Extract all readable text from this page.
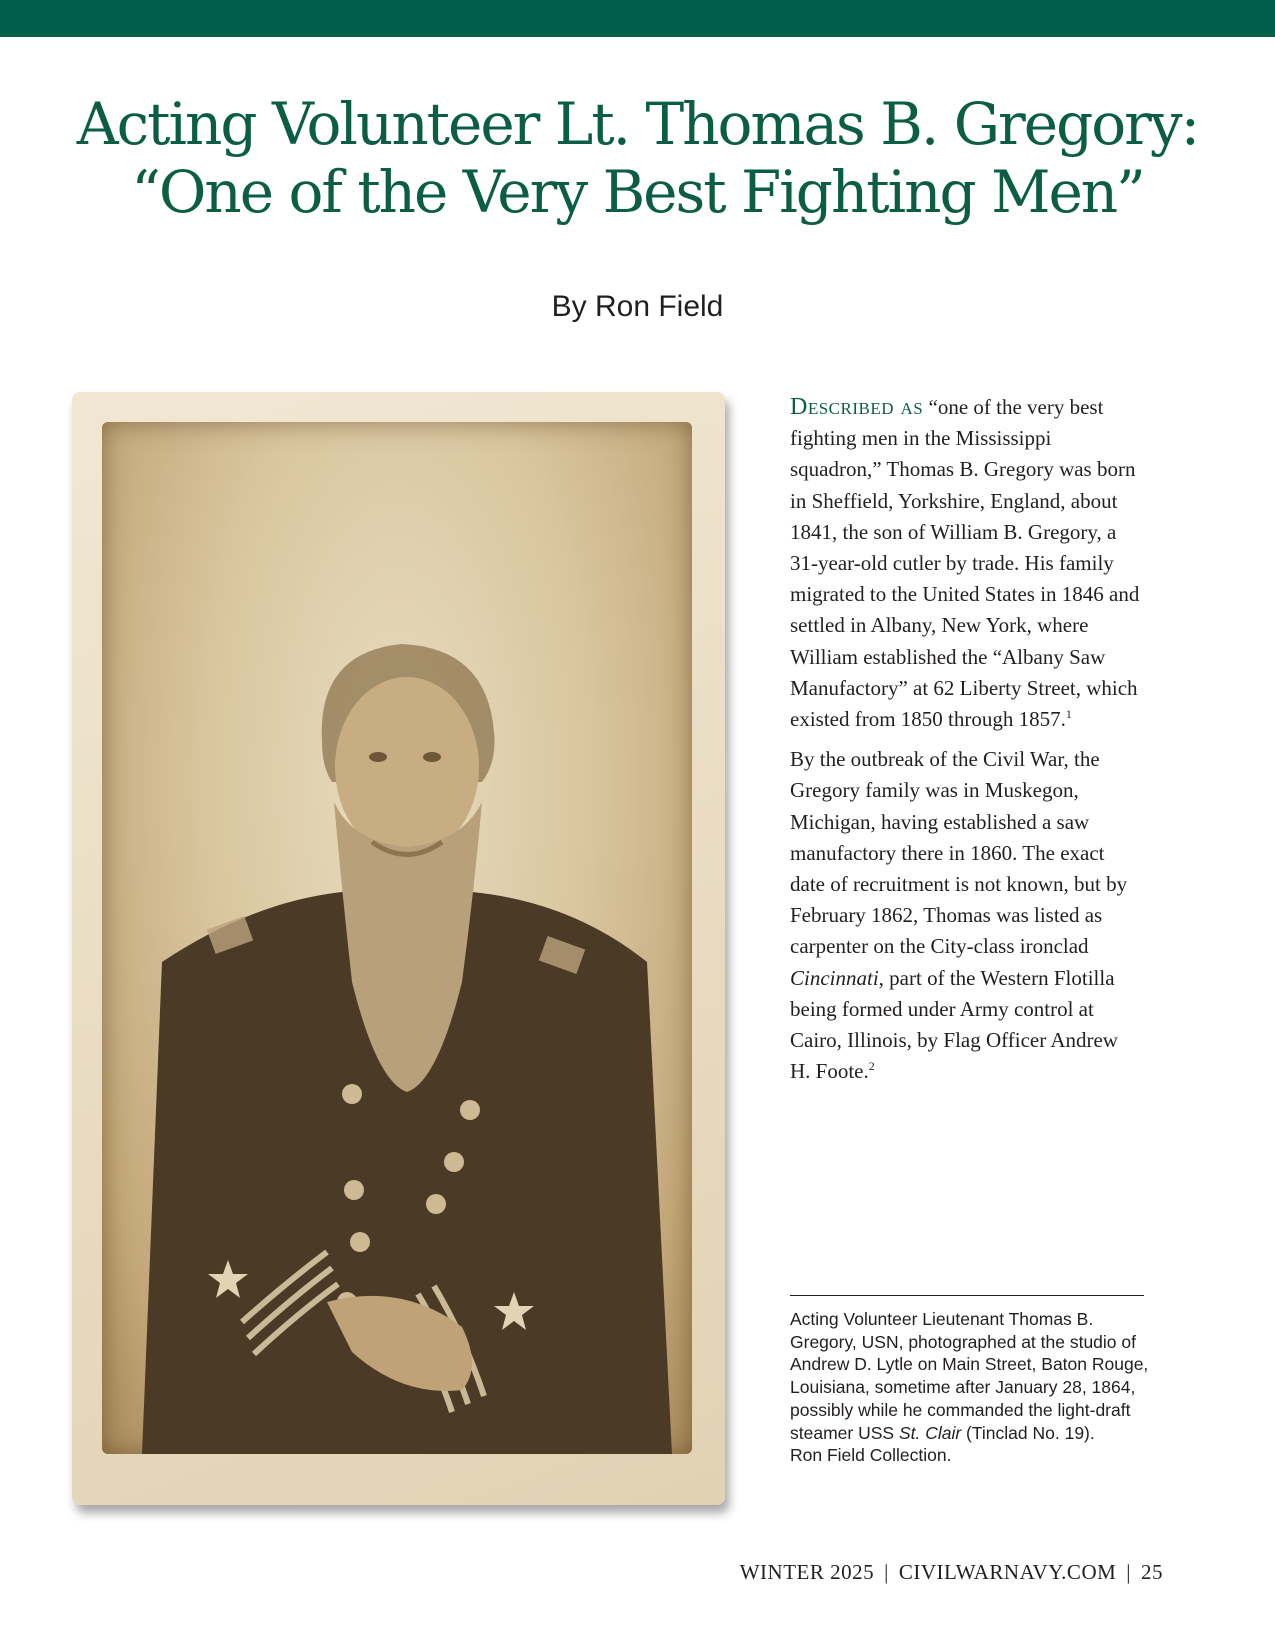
Acting Volunteer Lt. Thomas B. Gregory:
“One of the Very Best Fighting Men”
By Ron Field

Described as “one of the very best fighting men in the Mississippi squadron,” Thomas B. Gregory was born in Sheffield, Yorkshire, England, about 1841, the son of William B. Gregory, a 31-year-old cutler by trade. His family migrated to the United States in 1846 and settled in Albany, New York, where William established the “Albany Saw Manufactory” at 62 Liberty Street, which existed from 1850 through 1857.$^1$

By the outbreak of the Civil War, the Gregory family was in Muskegon, Michigan, having established a saw manufactory there in 1860. The exact date of recruitment is not known, but by February 1862, Thomas was listed as carpenter on the City-class ironclad Cincinnati, part of the Western Flotilla being formed under Army control at Cairo, Illinois, by Flag Officer Andrew H. Foote.$^2$

Acting Volunteer Lieutenant Thomas B. Gregory, USN, photographed at the studio of Andrew D. Lytle on Main Street, Baton Rouge, Louisiana, sometime after January 28, 1864, possibly while he commanded the light-draft steamer USS St. Clair (Tinclad No. 19).
Ron Field Collection.
WINTER 2025 | CIVILWARNAVY.COM | 25
